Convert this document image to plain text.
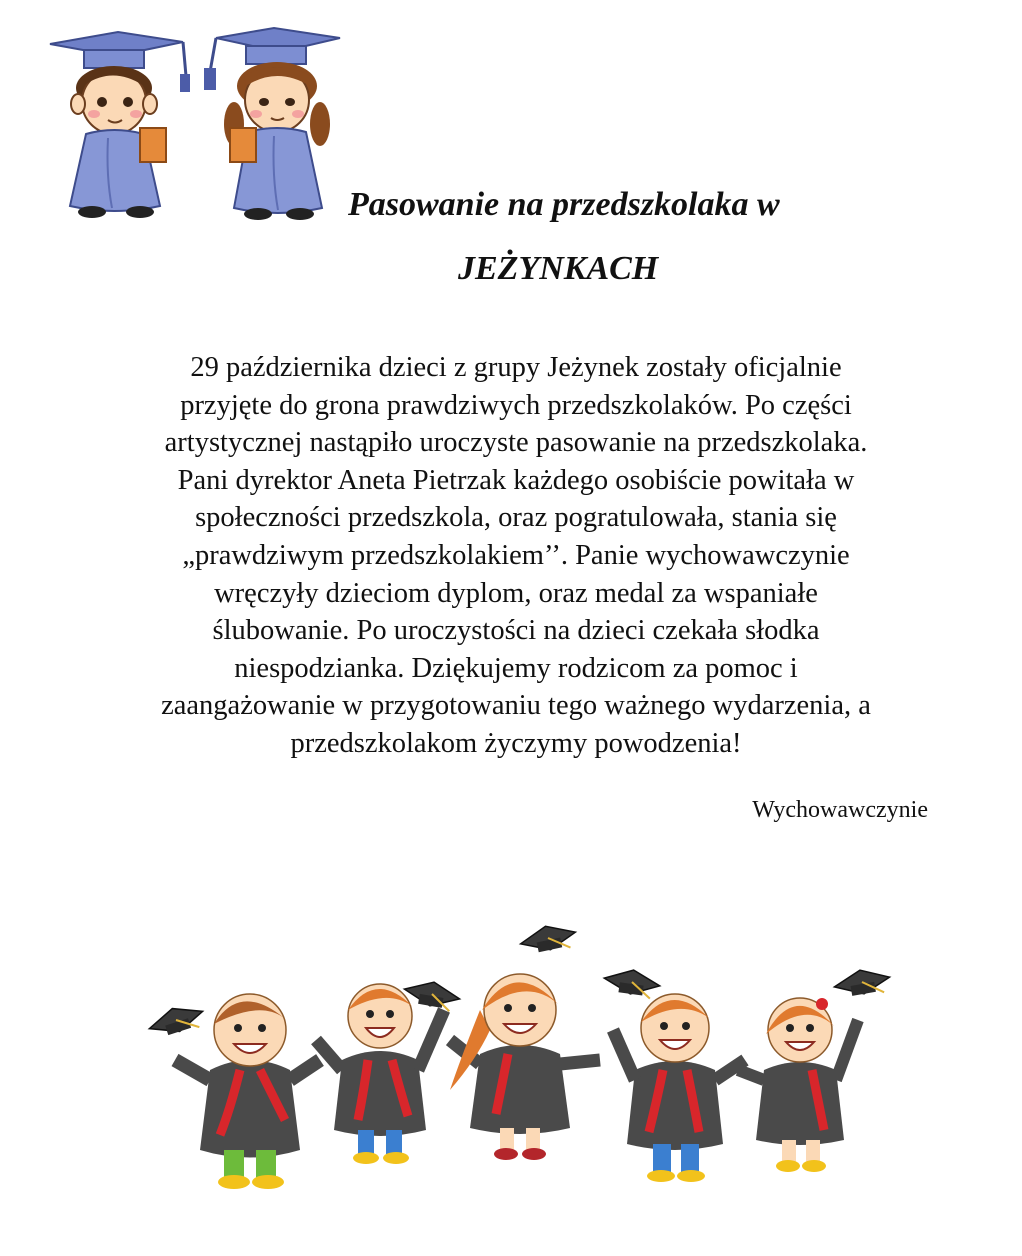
Pasowanie na przedszkolaka w
JEŻYNKACH
29 października dzieci z grupy Jeżynek zostały oficjalnie
przyjęte do grona prawdziwych przedszkolaków. Po części
artystycznej nastąpiło uroczyste pasowanie na przedszkolaka.
Pani dyrektor Aneta Pietrzak każdego osobiście powitała w
społeczności przedszkola, oraz pogratulowała, stania się
„prawdziwym przedszkolakiem’’. Panie wychowawczynie
wręczyły dzieciom dyplom, oraz medal za wspaniałe
ślubowanie. Po uroczystości na dzieci czekała słodka
niespodzianka. Dziękujemy rodzicom za pomoc i
zaangażowanie w przygotowaniu tego ważnego wydarzenia, a
przedszkolakom życzymy powodzenia!
Wychowawczynie
